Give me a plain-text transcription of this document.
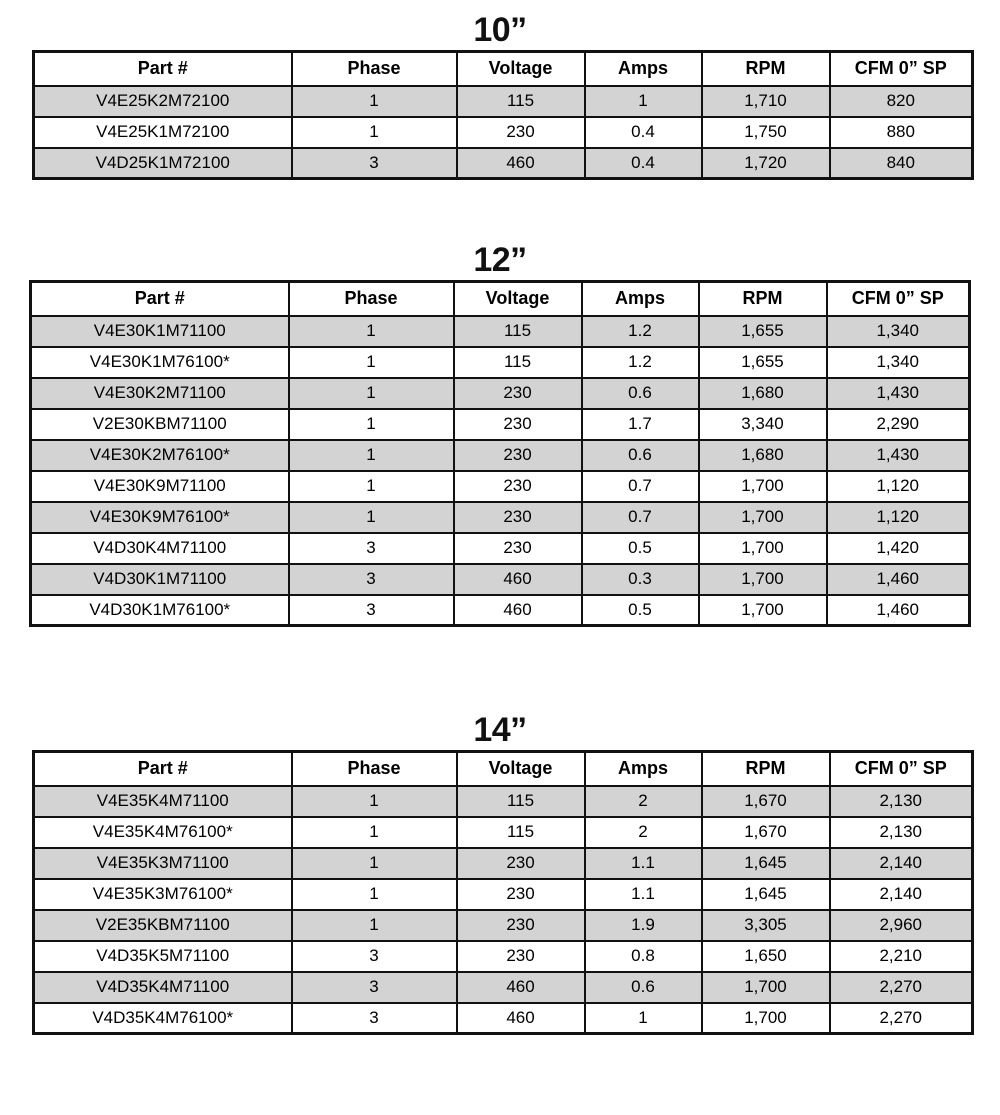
10”
Part #	Phase	Voltage	Amps	RPM	CFM 0” SP
V4E25K2M72100	1	115	1	1,710	820
V4E25K1M72100	1	230	0.4	1,750	880
V4D25K1M72100	3	460	0.4	1,720	840
12”
Part #	Phase	Voltage	Amps	RPM	CFM 0” SP
V4E30K1M71100	1	115	1.2	1,655	1,340
V4E30K1M76100*	1	115	1.2	1,655	1,340
V4E30K2M71100	1	230	0.6	1,680	1,430
V2E30KBM71100	1	230	1.7	3,340	2,290
V4E30K2M76100*	1	230	0.6	1,680	1,430
V4E30K9M71100	1	230	0.7	1,700	1,120
V4E30K9M76100*	1	230	0.7	1,700	1,120
V4D30K4M71100	3	230	0.5	1,700	1,420
V4D30K1M71100	3	460	0.3	1,700	1,460
V4D30K1M76100*	3	460	0.5	1,700	1,460
14”
Part #	Phase	Voltage	Amps	RPM	CFM 0” SP
V4E35K4M71100	1	115	2	1,670	2,130
V4E35K4M76100*	1	115	2	1,670	2,130
V4E35K3M71100	1	230	1.1	1,645	2,140
V4E35K3M76100*	1	230	1.1	1,645	2,140
V2E35KBM71100	1	230	1.9	3,305	2,960
V4D35K5M71100	3	230	0.8	1,650	2,210
V4D35K4M71100	3	460	0.6	1,700	2,270
V4D35K4M76100*	3	460	1	1,700	2,270
